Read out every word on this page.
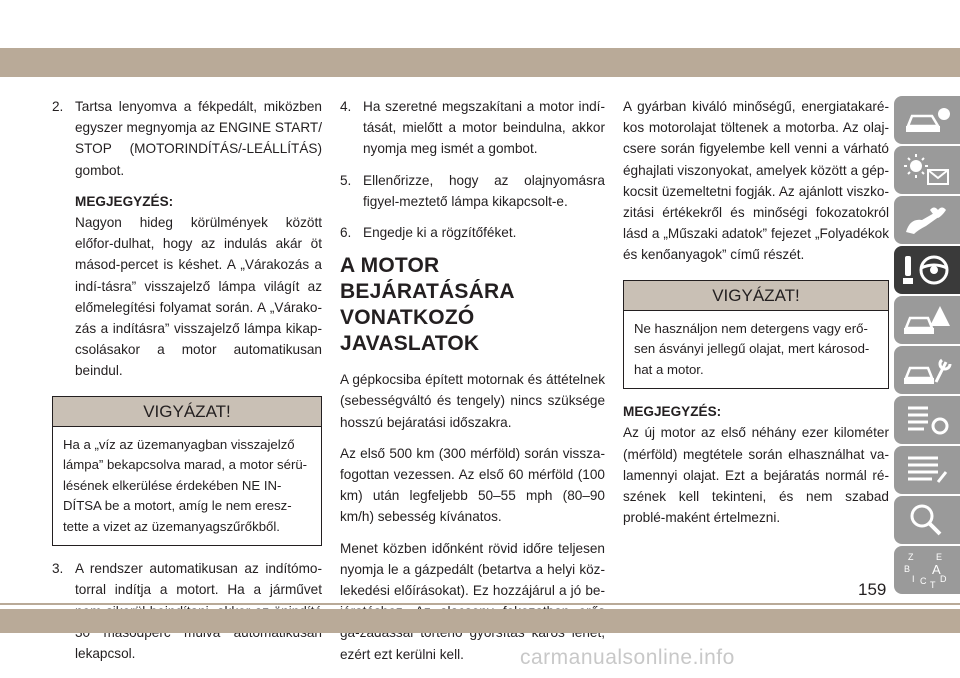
2. Tartsa lenyomva a fékpedált, miközben egyszer megnyomja az ENGINE START/ STOP (MOTORINDÍTÁS/-LEÁLLÍTÁS) gombot.

MEGJEGYZÉS:

Nagyon hideg körülmények között előfor-dulhat, hogy az indulás akár öt másod-percet is késhet. A „Várakozás a indí-tásra” visszajelző lámpa világít az előmelegítési folyamat során. A „Várako-zás a indításra” visszajelző lámpa kikap-csolásakor a motor automatikusan beindul.

VIGYÁZAT!
Ha a „víz az üzemanyagban visszajelző lámpa” bekapcsolva marad, a motor sérü-lésének elkerülése érdekében NE IN-DÍTSA be a motort, amíg le nem eresz-tette a vizet az üzemanyagszűrőkből.
3. A rendszer automatikusan az indítómo-torral indítja a motort. Ha a járművet lekapcsol.
4. Ha szeretné megszakítani a motor indí-tását, mielőtt a motor beindulna, akkor nyomja meg ismét a gombot.
5. Ellenőrizze, hogy az olajnyomásra figyel-meztető lámpa kikapcsolt-e.
6. Engedje ki a rögzítőféket.
A MOTOR BEJÁRATÁSÁRA VONATKOZÓ JAVASLATOK

A gépkocsiba épített motornak és áttételnek (sebességváltó és tengely) nincs szüksége hosszú bejáratási időszakra.

Az első 500 km (300 mérföld) során vissza-fogottan vezessen. Az első 60 mérföld (100 km) után legfeljebb 50–55 mph (80–90 km/h) sebesség kívánatos.

Menet közben időnként rövid időre teljesen nyomja le a gázpedált (betartva a helyi köz-lekedési előírásokat). Ez hozzájárul a jó be- ezért ezt kerülni kell.

A gyárban kiváló minőségű, energiatakaré-kos motorolajat töltenek a motorba. Az olaj-csere során figyelembe kell venni a várható éghajlati viszonyokat, amelyek között a gép-kocsit üzemeltetni fogják. Az ajánlott viszko-zitási értékekről és minőségi fokozatokról lásd a „Műszaki adatok” fejezet „Folyadékok és kenőanyagok” című részét.

VIGYÁZAT!
Ne használjon nem detergens vagy erő-sen ásványi jellegű olajat, mert károsod-hat a motor.

MEGJEGYZÉS:

Az új motor az első néhány ezer kilométer (mérföld) megtétele során elhasználhat va-lamennyi olajat. Ezt a bejáratás normál ré-szének kell tekinteni, és nem szabad problé-maként értelmezni.

Z	E
B A
I C D
T
159
carmanualsonline.info
